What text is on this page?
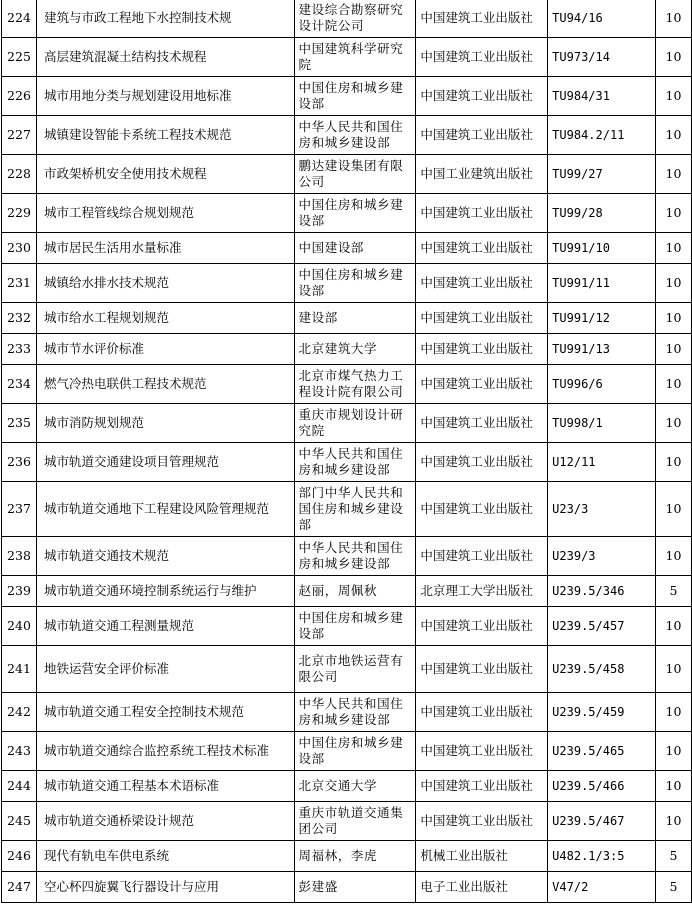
224	建筑与市政工程地下水控制技术规	建设综合勘察研究设计院公司	中国建筑工业出版社	TU94/16	10
225	高层建筑混凝土结构技术规程	中国建筑科学研究院	中国建筑工业出版社	TU973/14	10
226	城市用地分类与规划建设用地标准	中国住房和城乡建设部	中国建筑工业出版社	TU984/31	10
227	城镇建设智能卡系统工程技术规范	中华人民共和国住房和城乡建设部	中国建筑工业出版社	TU984.2/11	10
228	市政架桥机安全使用技术规程	鹏达建设集团有限公司	中国工业建筑出版社	TU99/27	10
229	城市工程管线综合规划规范	中国住房和城乡建设部	中国建筑工业出版社	TU99/28	10
230	城市居民生活用水量标准	中国建设部	中国建筑工业出版社	TU991/10	10
231	城镇给水排水技术规范	中国住房和城乡建设部	中国建筑工业出版社	TU991/11	10
232	城市给水工程规划规范	建设部	中国建筑工业出版社	TU991/12	10
233	城市节水评价标准	北京建筑大学	中国建筑工业出版社	TU991/13	10
234	燃气冷热电联供工程技术规范	北京市煤气热力工程设计院有限公司	中国建筑工业出版社	TU996/6	10
235	城市消防规划规范	重庆市规划设计研究院	中国建筑工业出版社	TU998/1	10
236	城市轨道交通建设项目管理规范	中华人民共和国住房和城乡建设部	中国建筑工业出版社	U12/11	10
237	城市轨道交通地下工程建设风险管理规范	部门中华人民共和国住房和城乡建设部	中国建筑工业出版社	U23/3	10
238	城市轨道交通技术规范	中华人民共和国住房和城乡建设部	中国建筑工业出版社	U239/3	10
239	城市轨道交通环境控制系统运行与维护	赵丽，周佩秋	北京理工大学出版社	U239.5/346	5
240	城市轨道交通工程测量规范	中国住房和城乡建设部	中国建筑工业出版社	U239.5/457	10
241	地铁运营安全评价标准	北京市地铁运营有限公司	中国建筑工业出版社	U239.5/458	10
242	城市轨道交通工程安全控制技术规范	中华人民共和国住房和城乡建设部	中国建筑工业出版社	U239.5/459	10
243	城市轨道交通综合监控系统工程技术标准	中国住房和城乡建设部	中国建筑工业出版社	U239.5/465	10
244	城市轨道交通工程基本术语标准	北京交通大学	中国建筑工业出版社	U239.5/466	10
245	城市轨道交通桥梁设计规范	重庆市轨道交通集团公司	中国建筑工业出版社	U239.5/467	10
246	现代有轨电车供电系统	周福林，李虎	机械工业出版社	U482.1/3:5	5
247	空心杯四旋翼飞行器设计与应用	彭建盛	电子工业出版社	V47/2	5
